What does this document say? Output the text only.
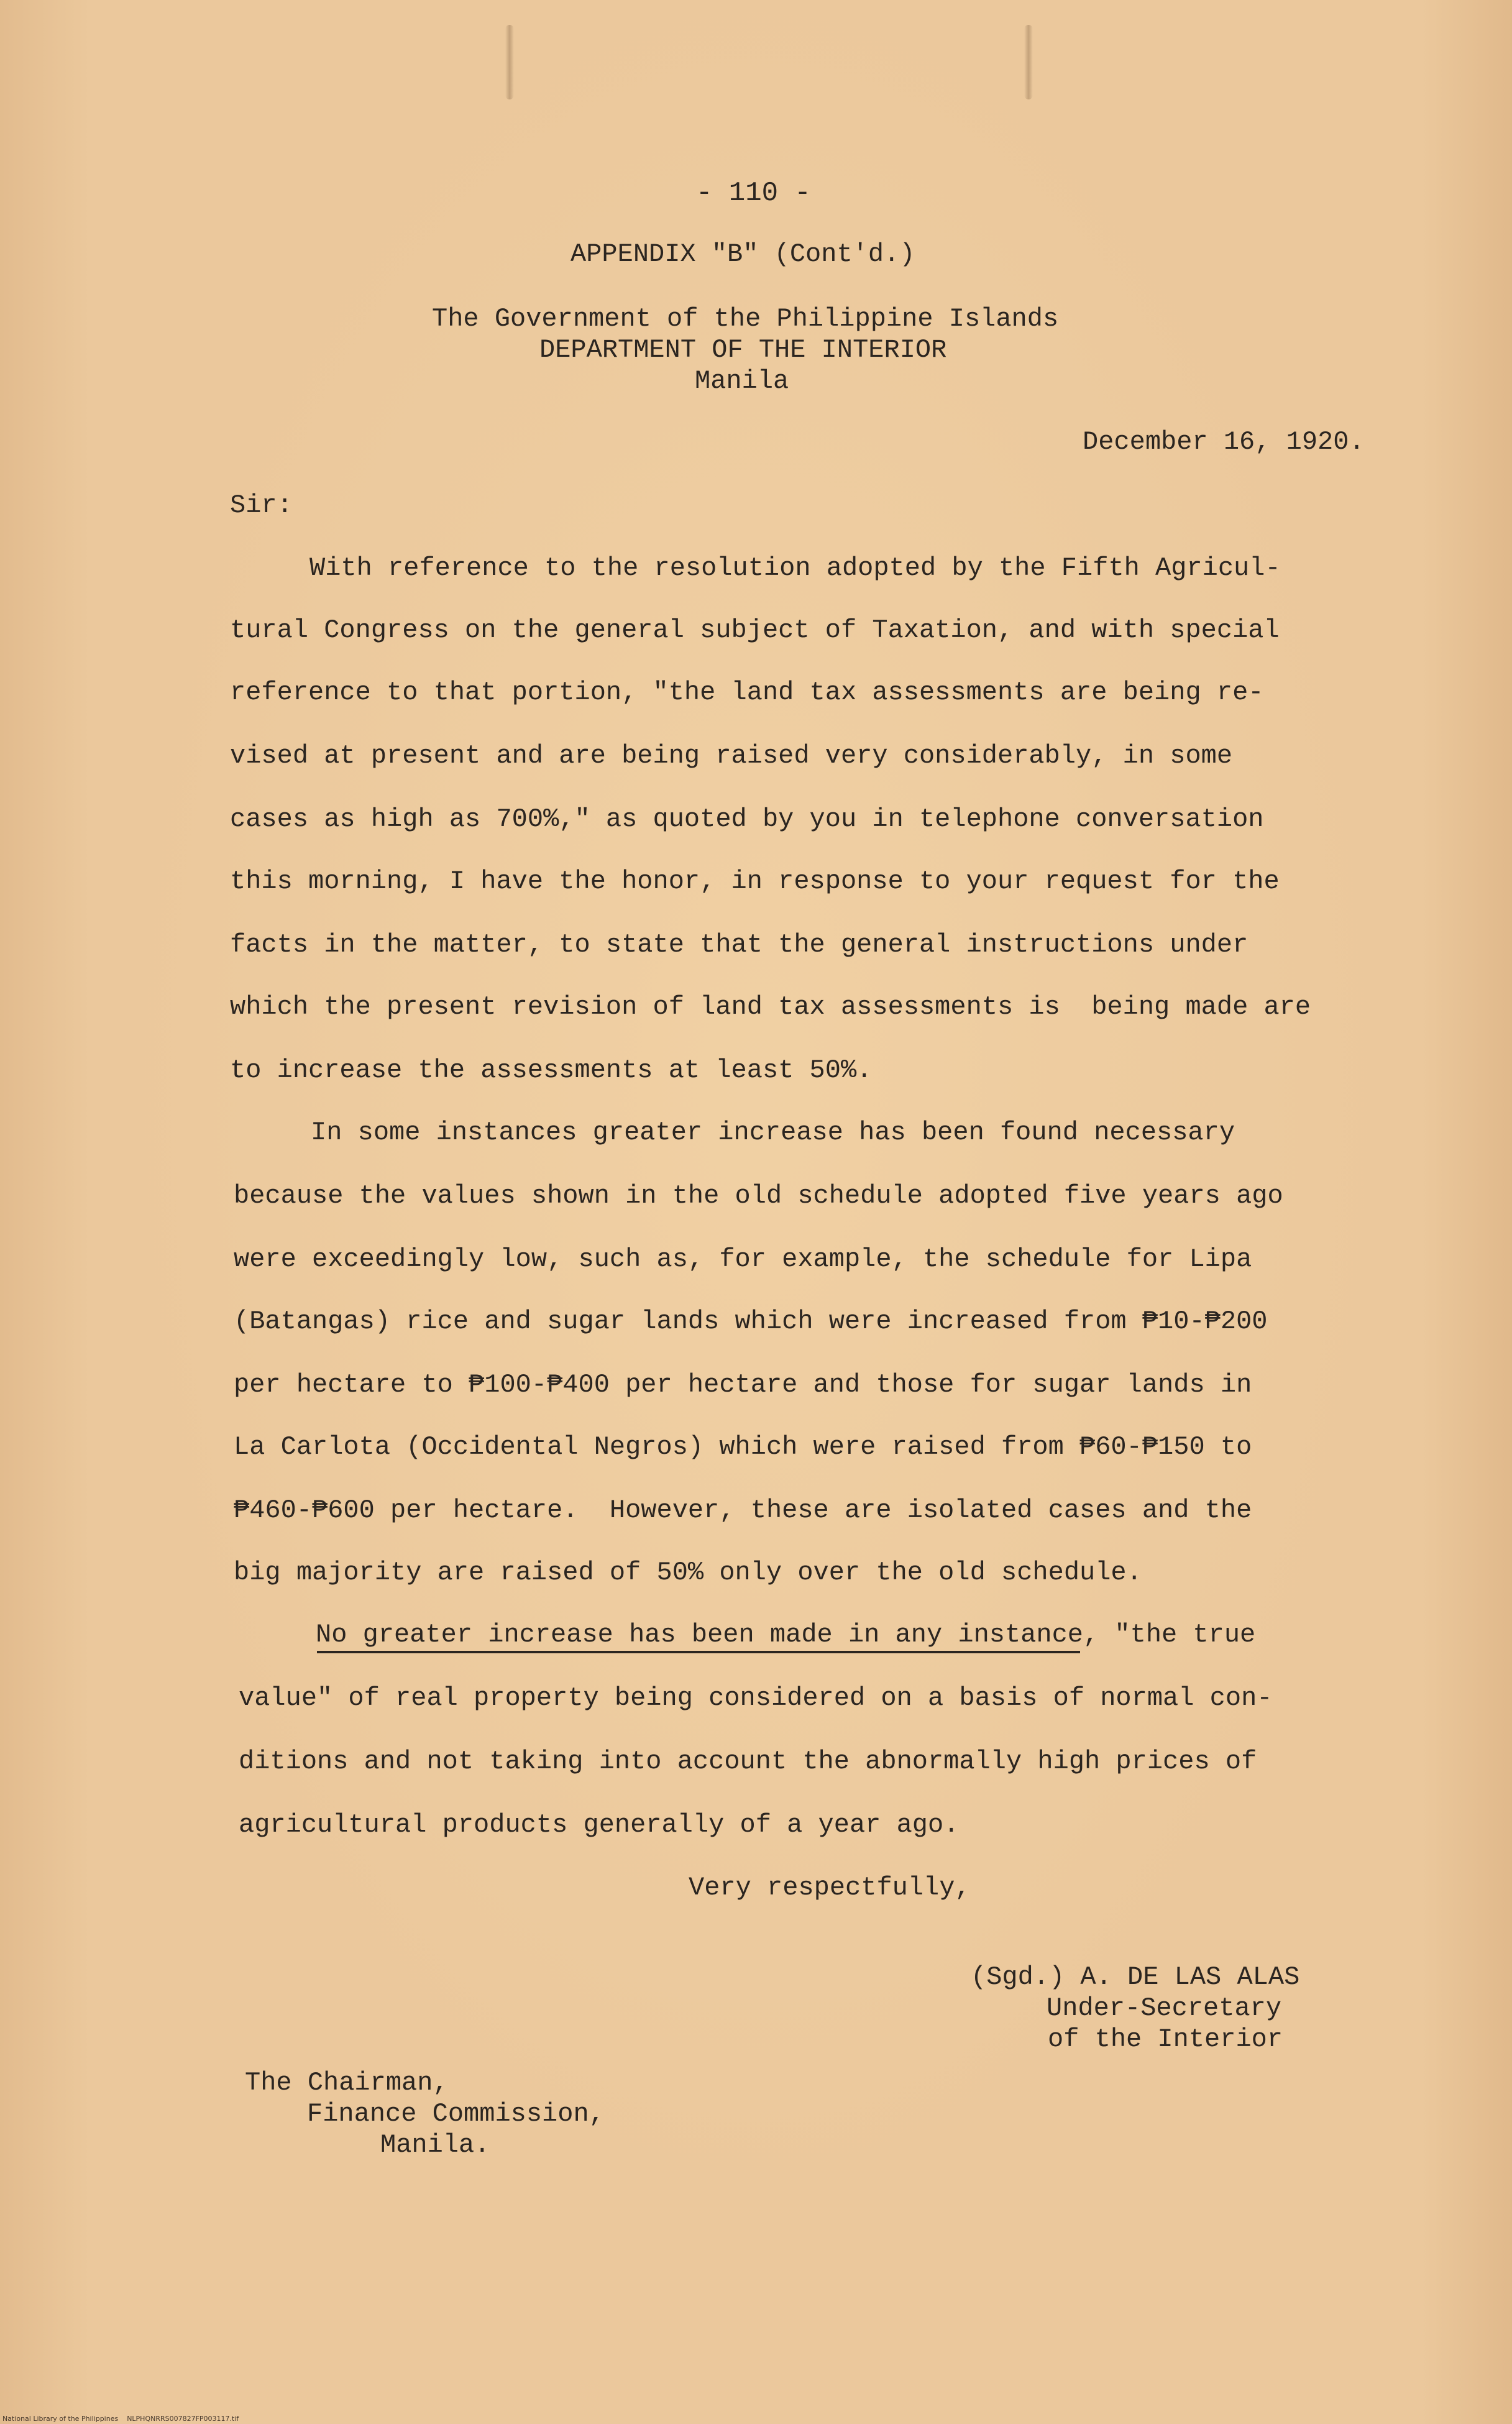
- 110 -
APPENDIX "B" (Cont'd.)
The Government of the Philippine Islands
DEPARTMENT OF THE INTERIOR
Manila
December 16, 1920.
Sir:
With reference to the resolution adopted by the Fifth Agricul-
tural Congress on the general subject of Taxation, and with special
reference to that portion, "the land tax assessments are being re-
vised at present and are being raised very considerably, in some
cases as high as 700%," as quoted by you in telephone conversation
this morning, I have the honor, in response to your request for the
facts in the matter, to state that the general instructions under
which the present revision of land tax assessments is  being made are
to increase the assessments at least 50%.
In some instances greater increase has been found necessary
because the values shown in the old schedule adopted five years ago
were exceedingly low, such as, for example, the schedule for Lipa
(Batangas) rice and sugar lands which were increased from ₱10-₱200
per hectare to ₱100-₱400 per hectare and those for sugar lands in
La Carlota (Occidental Negros) which were raised from ₱60-₱150 to
₱460-₱600 per hectare.  However, these are isolated cases and the
big majority are raised of 50% only over the old schedule.
No greater increase has been made in any instance, "the true
value" of real property being considered on a basis of normal con-
ditions and not taking into account the abnormally high prices of
agricultural products generally of a year ago.
Very respectfully,
(Sgd.) A. DE LAS ALAS
Under-Secretary
of the Interior
The Chairman,
Finance Commission,
Manila.
National Library of the Philippines    NLPHQNRRS007827FP003117.tif
